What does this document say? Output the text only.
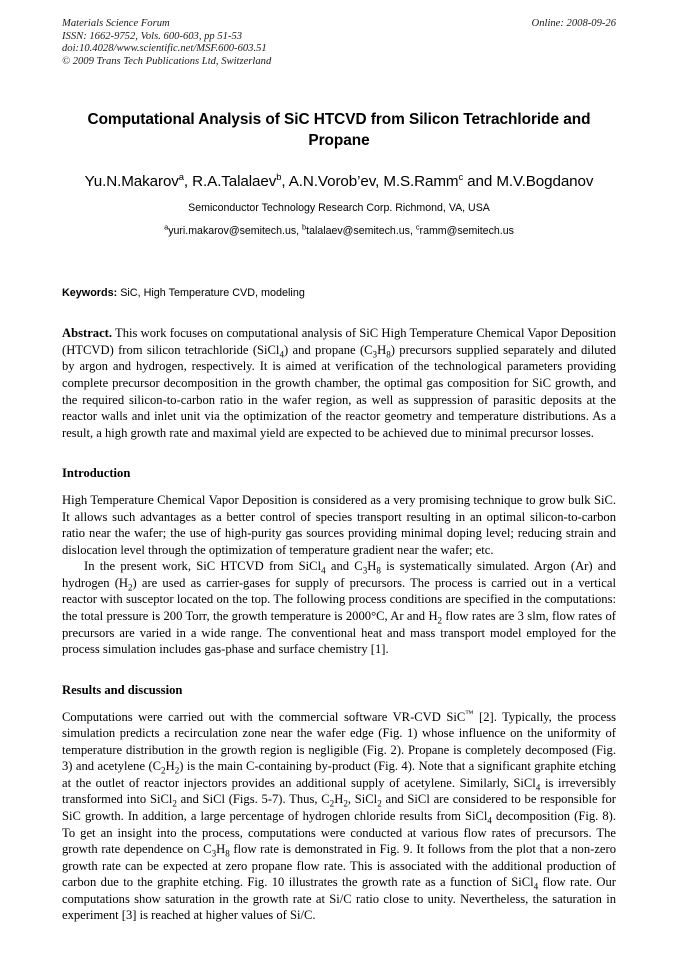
Materials Science Forum
ISSN: 1662-9752, Vols. 600-603, pp 51-53
doi:10.4028/www.scientific.net/MSF.600-603.51
© 2009 Trans Tech Publications Ltd, Switzerland
Online: 2008-09-26
Computational Analysis of SiC HTCVD from Silicon Tetrachloride and Propane
Yu.N.Makarov$^a$, R.A.Talalaev$^b$, A.N.Vorob’ev, M.S.Ramm$^c$ and M.V.Bogdanov
Semiconductor Technology Research Corp. Richmond, VA, USA
$^a$yuri.makarov@semitech.us, $^b$talalaev@semitech.us, $^c$ramm@semitech.us
Keywords: SiC, High Temperature CVD, modeling
Abstract. This work focuses on computational analysis of SiC High Temperature Chemical Vapor Deposition (HTCVD) from silicon tetrachloride (SiCl$_4$) and propane $(C_3H_8)$ precursors supplied separately and diluted by argon and hydrogen, respectively. It is aimed at verification of the technological parameters providing complete precursor decomposition in the growth chamber, the optimal gas composition for SiC growth, and the required silicon-to-carbon ratio in the wafer region, as well as suppression of parasitic deposits at the reactor walls and inlet unit via the optimization of the reactor geometry and temperature distributions. As a result, a high growth rate and maximal yield are expected to be achieved due to minimal precursor losses.
Introduction

High Temperature Chemical Vapor Deposition is considered as a very promising technique to grow bulk SiC. It allows such advantages as a better control of species transport resulting in an optimal silicon-to-carbon ratio near the wafer; the use of high-purity gas sources providing minimal doping level; reducing strain and dislocation level through the optimization of temperature gradient near the wafer; etc.

In the present work, SiC HTCVD from SiCl$_4$ and $C_3H_8$ is systematically simulated. Argon (Ar) and hydrogen $(H_2)$ are used as carrier-gases for supply of precursors. The process is carried out in a vertical reactor with susceptor located on the top. The following process conditions are specified in the computations: the total pressure is 200 Torr, the growth temperature is 2000°C, Ar and $H_2$ flow rates are 3 slm, flow rates of precursors are varied in a wide range. The conventional heat and mass transport model employed for the process simulation includes gas-phase and surface chemistry [1].

Results and discussion

Computations were carried out with the commercial software VR-CVD SiC™ [2]. Typically, the process simulation predicts a recirculation zone near the wafer edge (Fig. 1) whose influence on the uniformity of temperature distribution in the growth region is negligible (Fig. 2). Propane is completely decomposed (Fig. 3) and acetylene $(C_2H_2)$ is the main C-containing by-product (Fig. 4). Note that a significant graphite etching at the outlet of reactor injectors provides an additional supply of acetylene. Similarly, SiCl$_4$ is irreversibly transformed into SiCl$_2$ and SiCl (Figs. 5-7). Thus, $C_2H_2$, SiCl$_2$ and SiCl are considered to be responsible for SiC growth. In addition, a large percentage of hydrogen chloride results from SiCl$_4$ decomposition (Fig. 8). To get an insight into the process, computations were conducted at various flow rates of precursors. The growth rate dependence on $C_3H_8$ flow rate is demonstrated in Fig. 9. It follows from the plot that a non-zero growth rate can be expected at zero propane flow rate. This is associated with the additional production of carbon due to the graphite etching. Fig. 10 illustrates the growth rate as a function of SiCl$_4$ flow rate. Our computations show saturation in the growth rate at Si/C ratio close to unity. Nevertheless, the saturation in experiment [3] is reached at higher values of Si/C.
